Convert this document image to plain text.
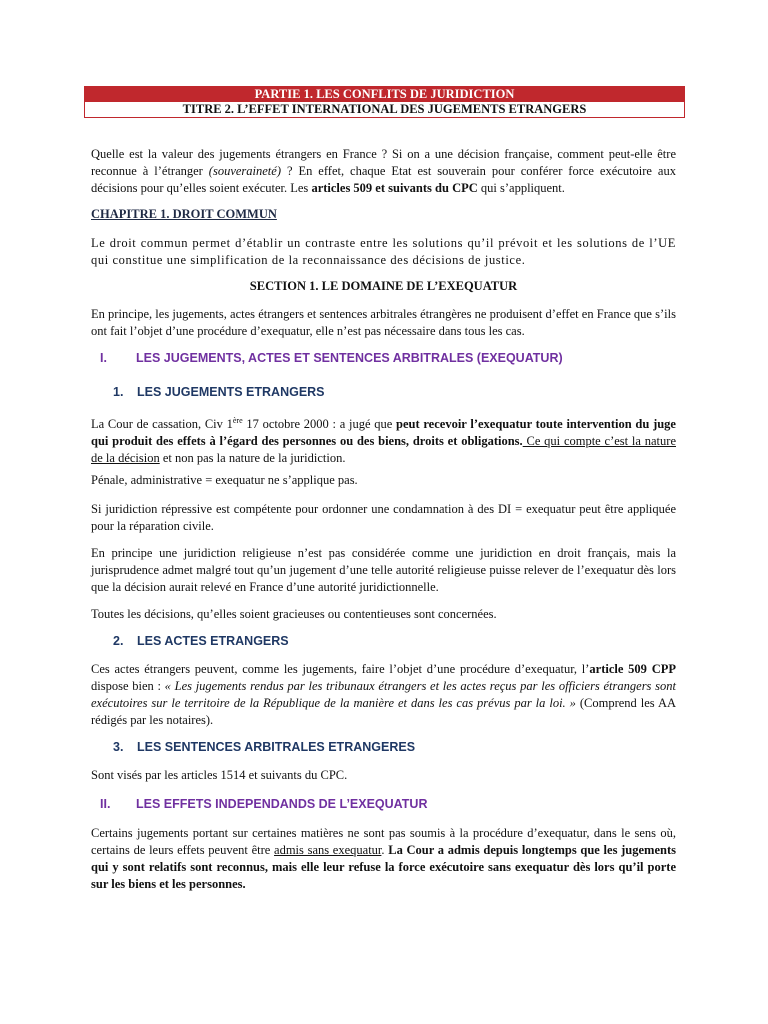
PARTIE 1. LES CONFLITS DE JURIDICTION
TITRE 2. L’EFFET INTERNATIONAL DES JUGEMENTS ETRANGERS

Quelle est la valeur des jugements étrangers en France ? Si on a une décision française, comment peut-elle être reconnue à l’étranger (souveraineté) ? En effet, chaque Etat est souverain pour conférer force exécutoire aux décisions pour qu’elles soient exécuter. Les articles 509 et suivants du CPC qui s’appliquent.

CHAPITRE 1. DROIT COMMUN

Le droit commun permet d’établir un contraste entre les solutions qu’il prévoit et les solutions de l’UE qui constitue une simplification de la reconnaissance des décisions de justice.

SECTION 1. LE DOMAINE DE L’EXEQUATUR

En principe, les jugements, actes étrangers et sentences arbitrales étrangères ne produisent d’effet en France que s’ils ont fait l’objet d’une procédure d’exequatur, elle n’est pas nécessaire dans tous les cas.

I. LES JUGEMENTS, ACTES ET SENTENCES ARBITRALES (EXEQUATUR)
1. LES JUGEMENTS ETRANGERS

La Cour de cassation, Civ 1ère 17 octobre 2000 : a jugé que peut recevoir l’exequatur toute intervention du juge qui produit des effets à l’égard des personnes ou des biens, droits et obligations. Ce qui compte c’est la nature de la décision et non pas la nature de la juridiction.

Pénale, administrative = exequatur ne s’applique pas.

Si juridiction répressive est compétente pour ordonner une condamnation à des DI = exequatur peut être appliquée pour la réparation civile.

En principe une juridiction religieuse n’est pas considérée comme une juridiction en droit français, mais la jurisprudence admet malgré tout qu’un jugement d’une telle autorité religieuse puisse relever de l’exequatur dès lors que la décision aurait relevé en France d’une autorité juridictionnelle.

Toutes les décisions, qu’elles soient gracieuses ou contentieuses sont concernées.

2. LES ACTES ETRANGERS

Ces actes étrangers peuvent, comme les jugements, faire l’objet d’une procédure d’exequatur, l’article 509 CPP dispose bien : « Les jugements rendus par les tribunaux étrangers et les actes reçus par les officiers étrangers sont exécutoires sur le territoire de la République de la manière et dans les cas prévus par la loi. » (Comprend les AA rédigés par les notaires).

3. LES SENTENCES ARBITRALES ETRANGERES

Sont visés par les articles 1514 et suivants du CPC.

II. LES EFFETS INDEPENDANDS DE L’EXEQUATUR

Certains jugements portant sur certaines matières ne sont pas soumis à la procédure d’exequatur, dans le sens où, certains de leurs effets peuvent être admis sans exequatur. La Cour a admis depuis longtemps que les jugements qui y sont relatifs sont reconnus, mais elle leur refuse la force exécutoire sans exequatur dès lors qu’il porte sur les biens et les personnes.
